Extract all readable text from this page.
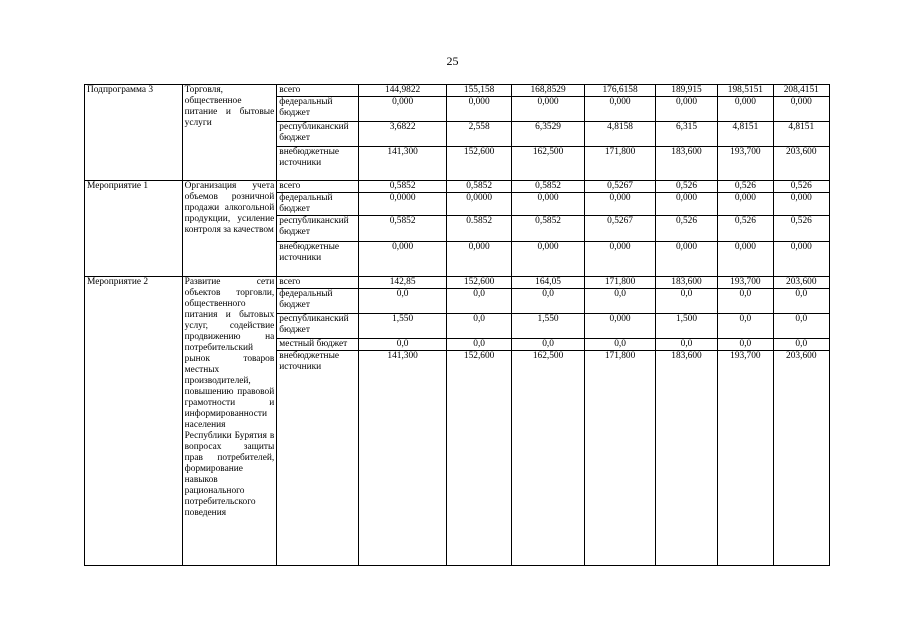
25
Подпрограмма 3	Торговля, общественное питание и бытовые услуги	всего	144,9822	155,158	168,8529	176,6158	189,915	198,5151	208,4151
		федеральный бюджет	0,000	0,000	0,000	0,000	0,000	0,000	0,000
		республиканский бюджет	3,6822	2,558	6,3529	4,8158	6,315	4,8151	4,8151
		внебюджетные источники	141,300	152,600	162,500	171,800	183,600	193,700	203,600
Мероприятие 1	Организация учета объемов розничной продажи алкогольной продукции, усиление контроля за качеством	всего	0,5852	0,5852	0,5852	0,5267	0,526	0,526	0,526
		федеральный бюджет	0,0000	0,0000	0,000	0,000	0,000	0,000	0,000
		республиканский бюджет	0,5852	0.5852	0,5852	0,5267	0,526	0,526	0,526
		внебюджетные источники	0,000	0,000	0,000	0,000	0,000	0,000	0,000
Мероприятие 2	Развитие сети объектов торговли, общественного питания и бытовых услуг, содействие продвижению на потребительский рынок товаров местных производителей, повышению правовой грамотности и информированности населения Республики Бурятия в вопросах защиты прав потребителей, формирование навыков рационального потребительского поведения	всего	142,85	152,600	164,05	171,800	183,600	193,700	203,600
		федеральный бюджет	0,0	0,0	0,0	0,0	0,0	0,0	0,0
		республиканский бюджет	1,550	0,0	1,550	0,000	1,500	0,0	0,0
		местный бюджет	0,0	0,0	0,0	0,0	0,0	0,0	0,0
		внебюджетные источники	141,300	152,600	162,500	171,800	183,600	193,700	203,600
